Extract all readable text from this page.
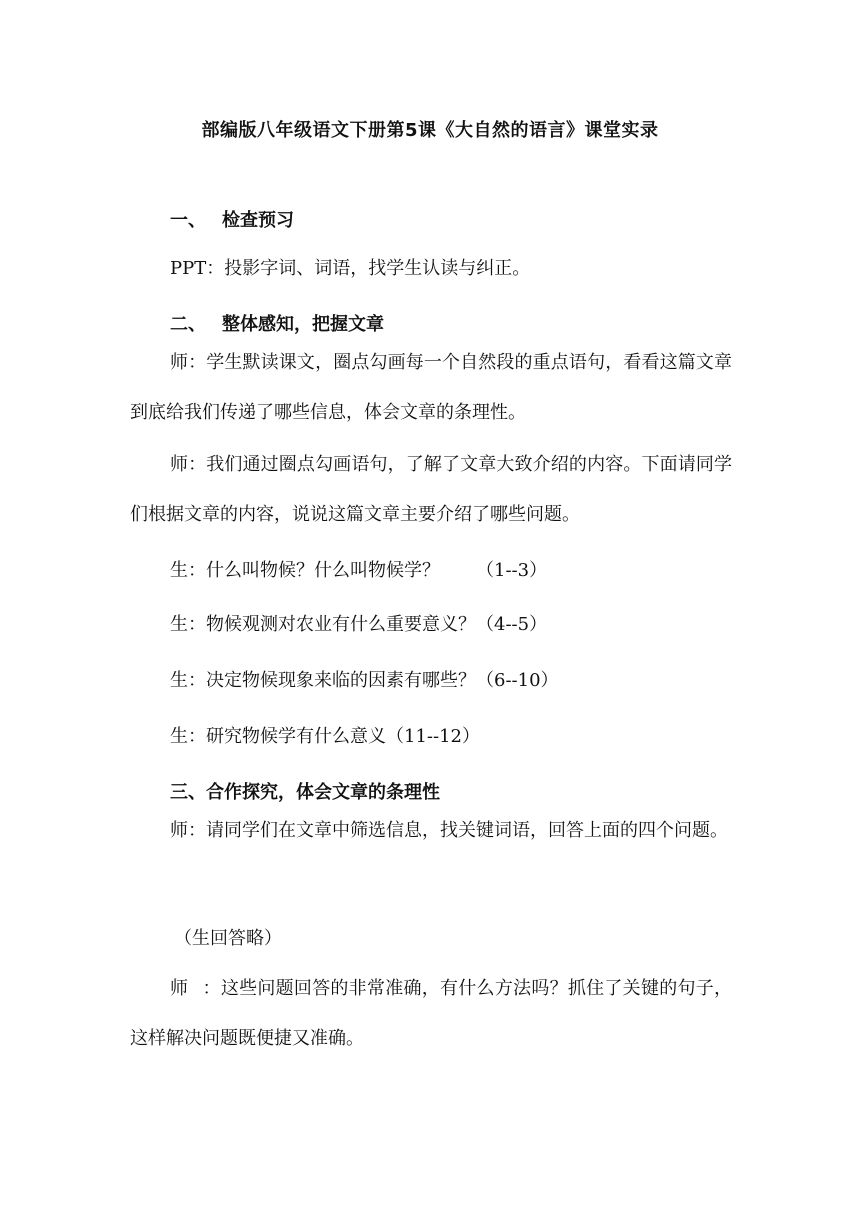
部编版八年级语文下册第5课《大自然的语言》课堂实录
一、 检查预习
PPT：投影字词、词语，找学生认读与纠正。
二、 整体感知，把握文章
师：学生默读课文，圈点勾画每一个自然段的重点语句，看看这篇文章到底给我们传递了哪些信息，体会文章的条理性。
师：我们通过圈点勾画语句，了解了文章大致介绍的内容。下面请同学们根据文章的内容，说说这篇文章主要介绍了哪些问题。
生：什么叫物候？什么叫物候学？ （1--3）
生：物候观测对农业有什么重要意义？（4--5）
生：决定物候现象来临的因素有哪些？（6--10）
生：研究物候学有什么意义（11--12）
三、合作探究，体会文章的条理性
师：请同学们在文章中筛选信息，找关键词语，回答上面的四个问题。
（生回答略）
师 ：这些问题回答的非常准确，有什么方法吗？抓住了关键的句子，这样解决问题既便捷又准确。
